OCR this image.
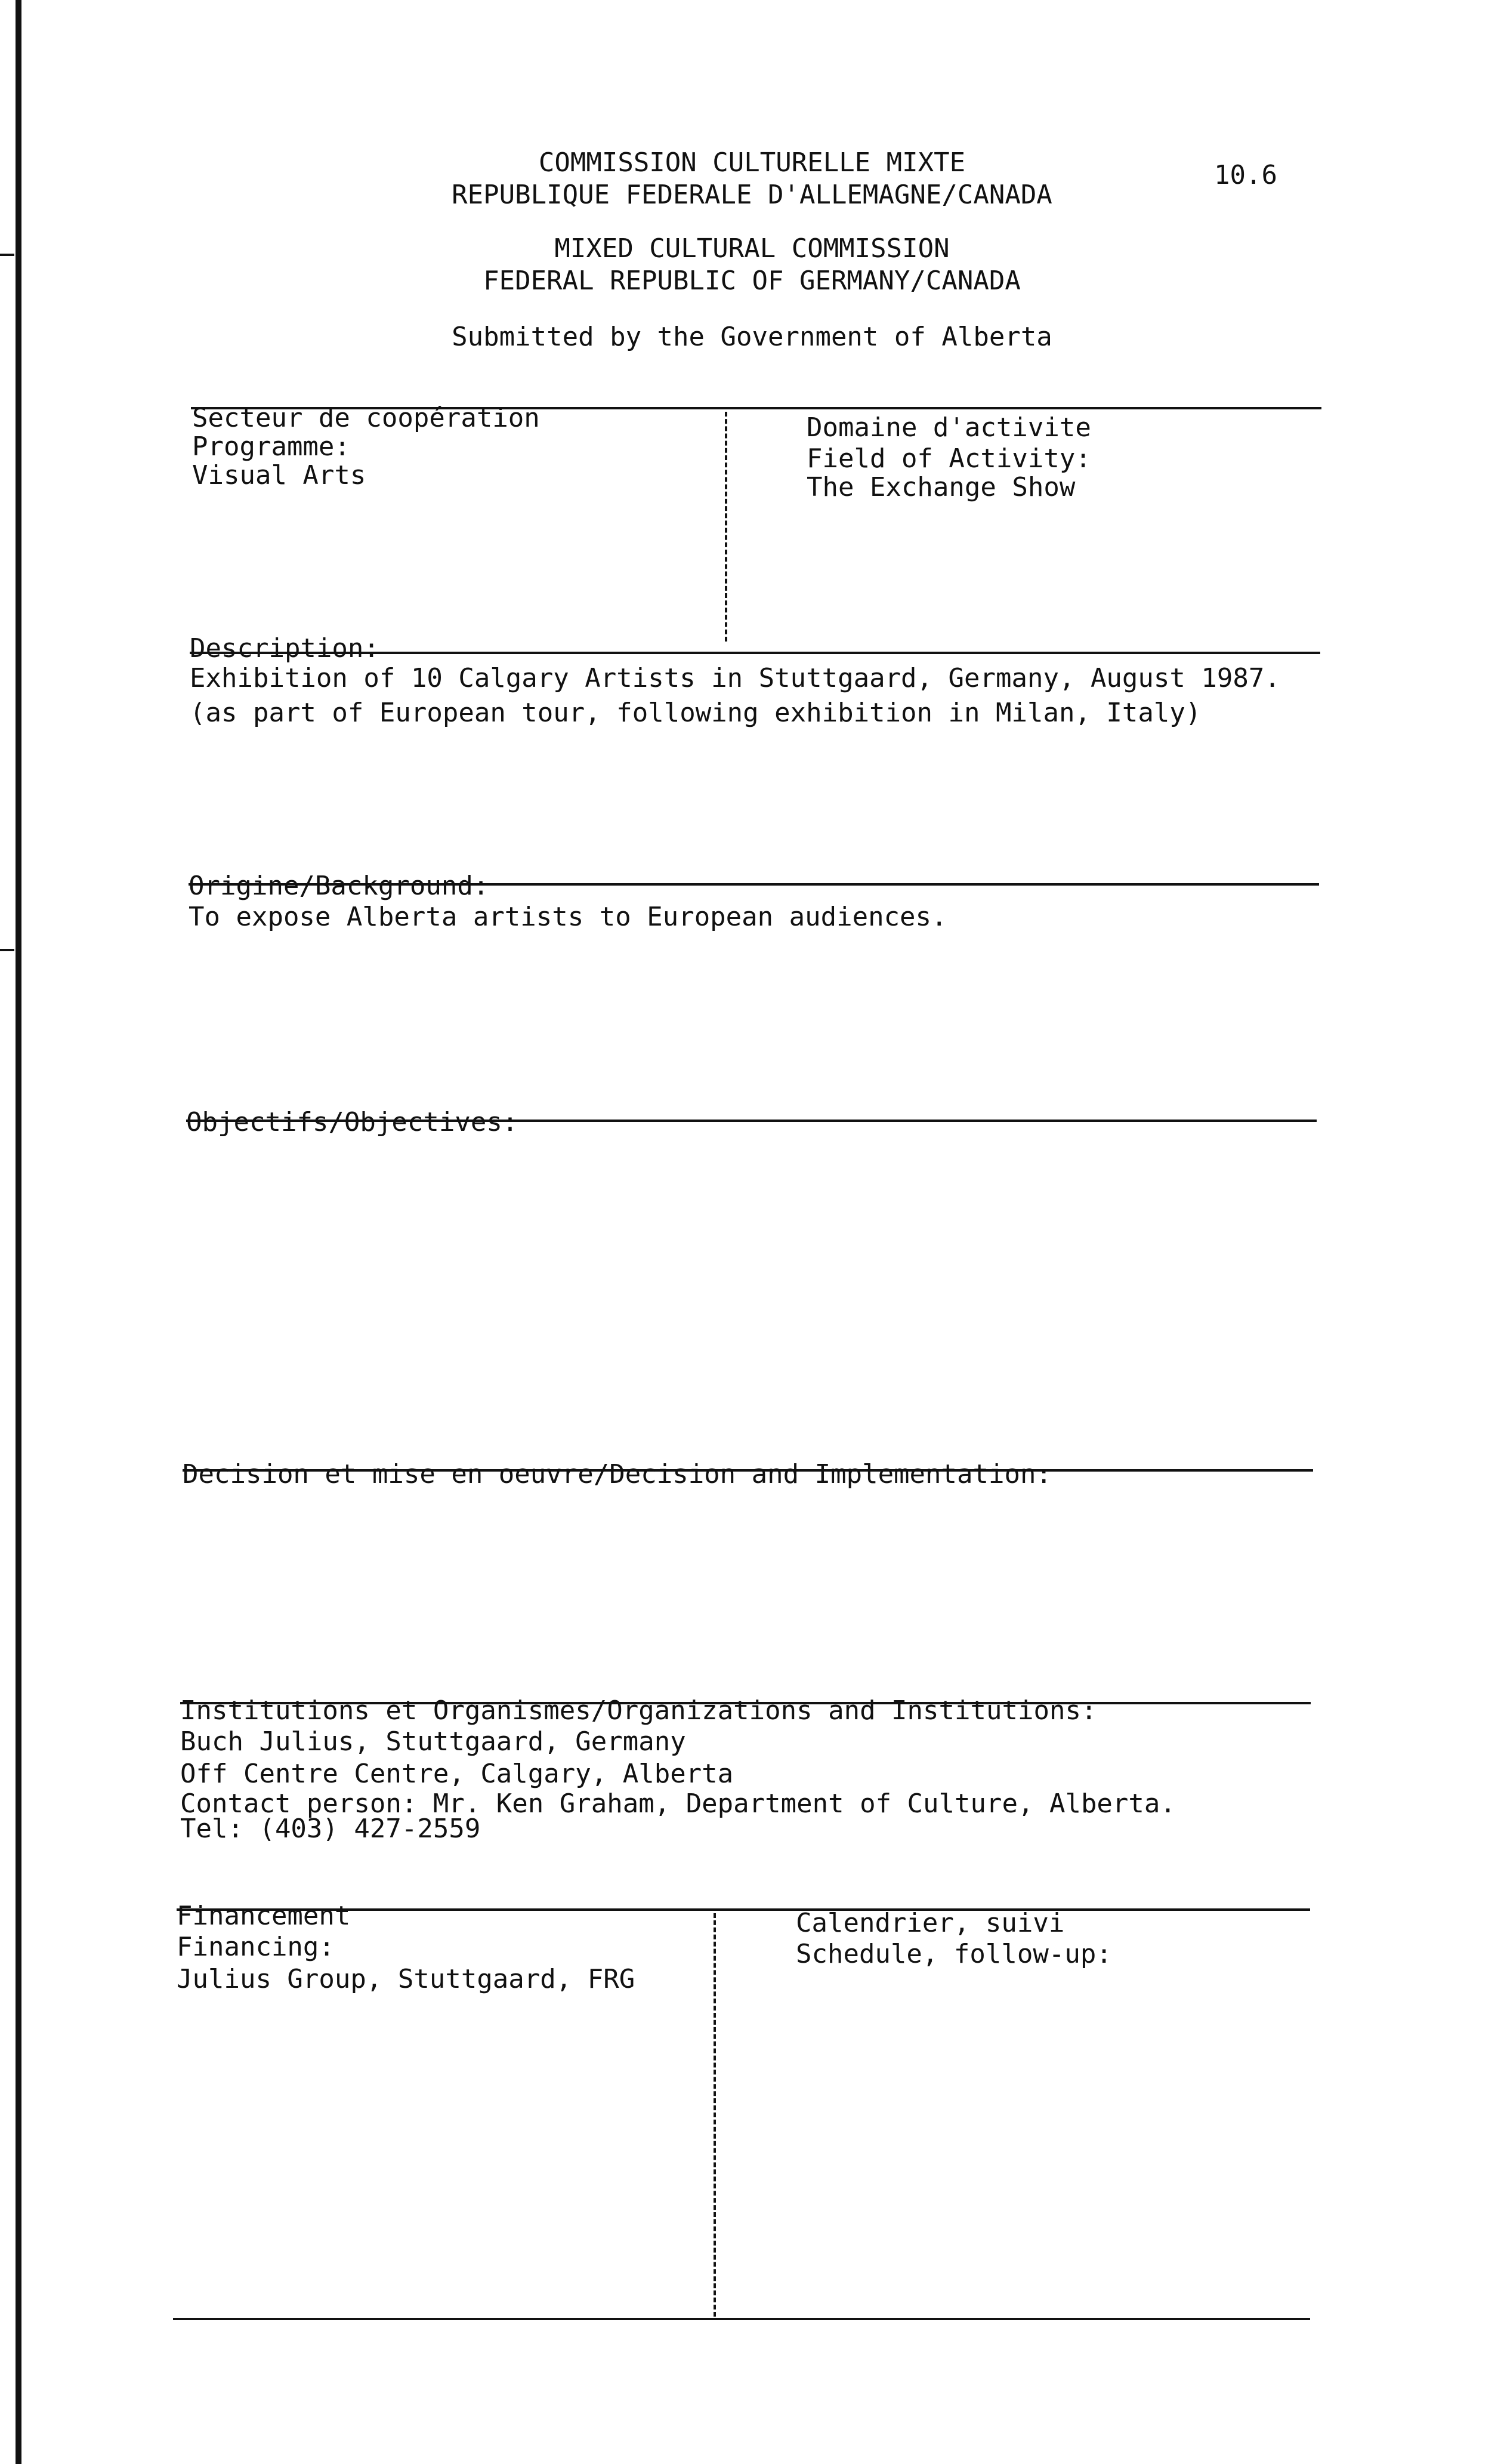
COMMISSION CULTURELLE MIXTE
REPUBLIQUE FEDERALE D'ALLEMAGNE/CANADA
10.6
MIXED CULTURAL COMMISSION
FEDERAL REPUBLIC OF GERMANY/CANADA
Submitted by the Government of Alberta
Secteur de coopération
Programme:
Visual Arts
Domaine d'activite
Field of Activity:
The Exchange Show
Description:
Exhibition of 10 Calgary Artists in Stuttgaard, Germany, August 1987.
(as part of European tour, following exhibition in Milan, Italy)
Origine/Background:
To expose Alberta artists to European audiences.
Objectifs/Objectives:
Decision et mise en oeuvre/Decision and Implementation:
Institutions et Organismes/Organizations and Institutions:
Buch Julius, Stuttgaard, Germany
Off Centre Centre, Calgary, Alberta
Contact person: Mr. Ken Graham, Department of Culture, Alberta.
Tel: (403) 427-2559
Financement
Financing:
Julius Group, Stuttgaard, FRG
Calendrier, suivi
Schedule, follow-up:
